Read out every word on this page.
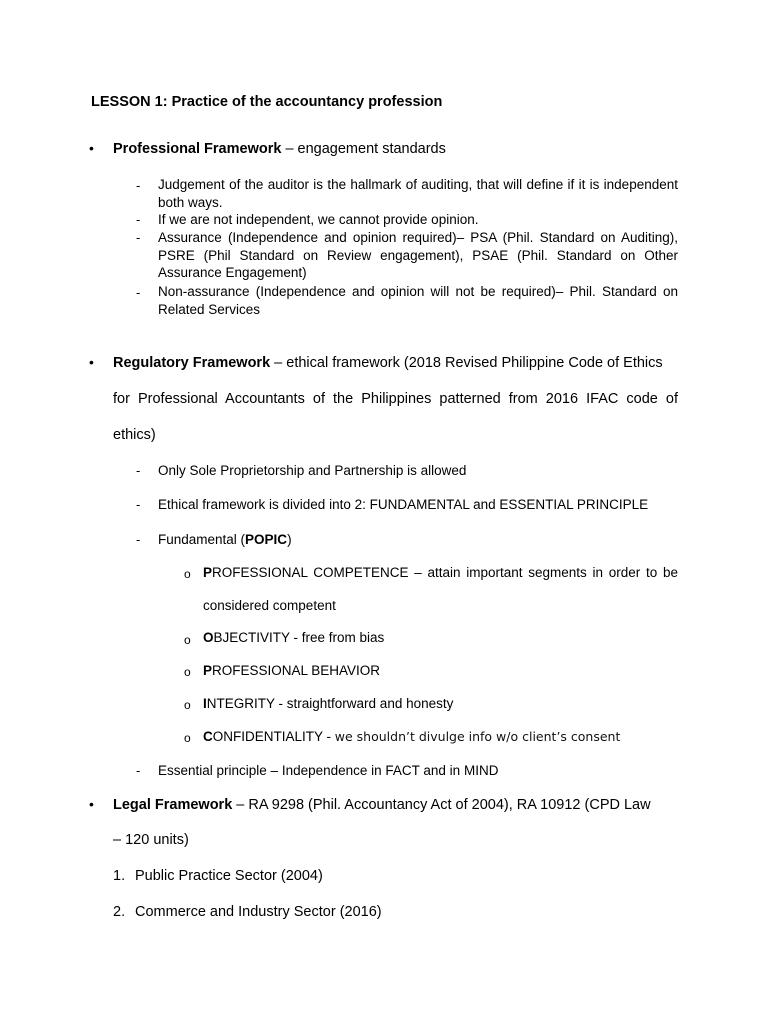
LESSON 1: Practice of the accountancy profession
•	Professional Framework – engagement standards
- Judgement of the auditor is the hallmark of auditing, that will define if it is independent both ways.
- If we are not independent, we cannot provide opinion.
- Assurance (Independence and opinion required)– PSA (Phil. Standard on Auditing), PSRE (Phil Standard on Review engagement), PSAE (Phil. Standard on Other Assurance Engagement)
- Non-assurance (Independence and opinion will not be required)– Phil. Standard on Related Services
•	Regulatory Framework – ethical framework (2018 Revised Philippine Code of Ethics
for Professional Accountants of the Philippines patterned from 2016 IFAC code of
ethics)
- Only Sole Proprietorship and Partnership is allowed
- Ethical framework is divided into 2: FUNDAMENTAL and ESSENTIAL PRINCIPLE
- Fundamental (POPIC)
o PROFESSIONAL COMPETENCE – attain important segments in order to be
considered competent
o OBJECTIVITY - free from bias
o PROFESSIONAL BEHAVIOR
o INTEGRITY - straightforward and honesty
o CONFIDENTIALITY - we shouldn’t divulge info w/o client’s consent
- Essential principle – Independence in FACT and in MIND
•	Legal Framework – RA 9298 (Phil. Accountancy Act of 2004), RA 10912 (CPD Law
– 120 units)
1. Public Practice Sector (2004)
2. Commerce and Industry Sector (2016)
